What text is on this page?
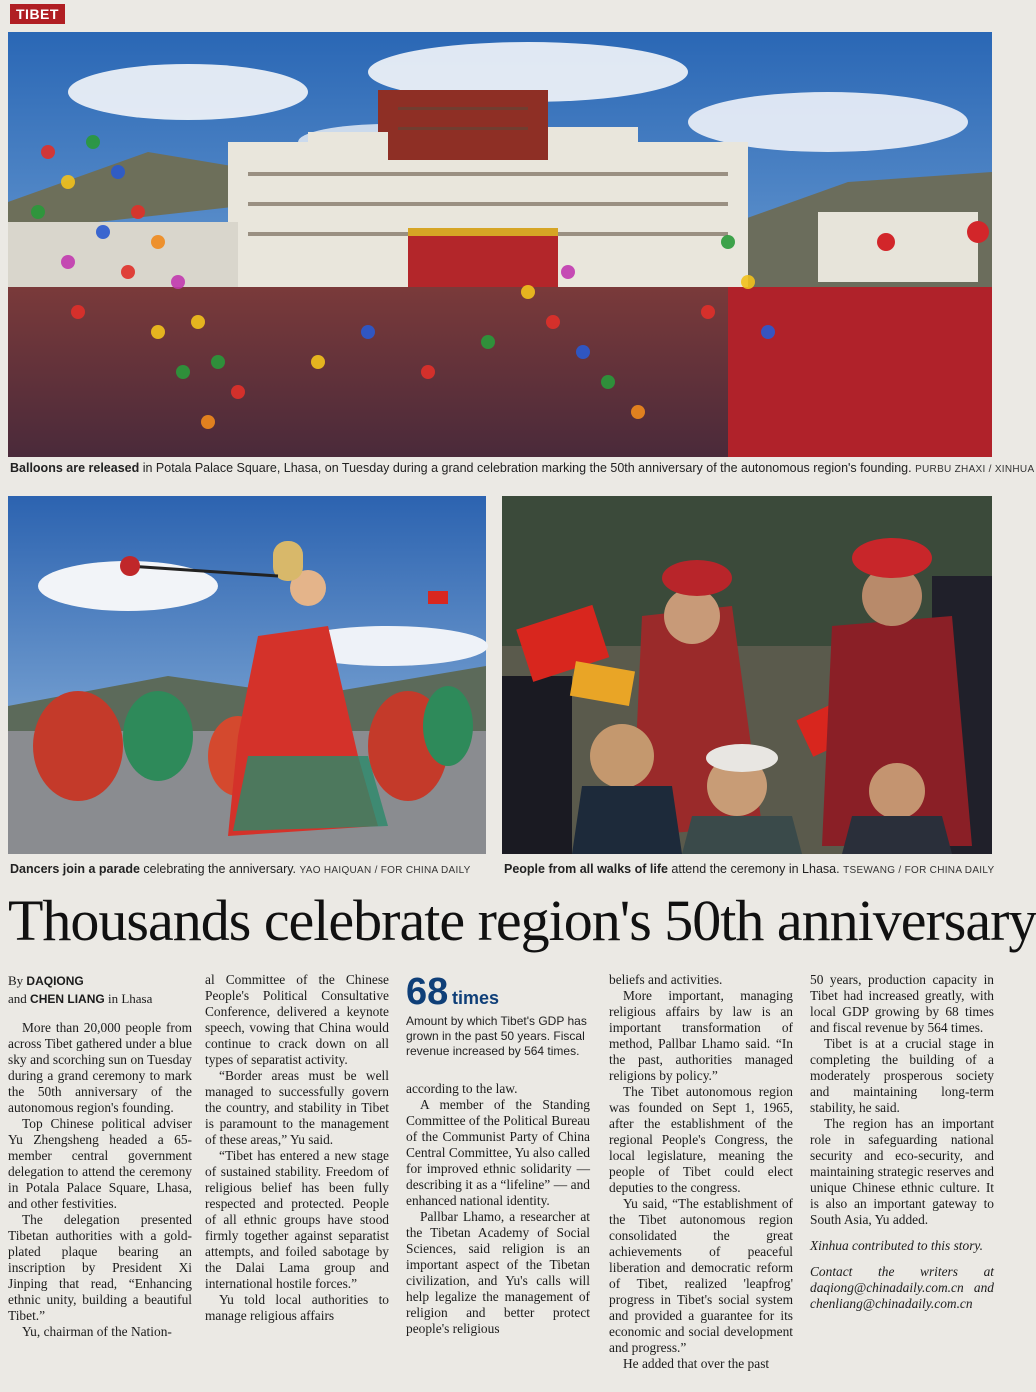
TIBET
Balloons are released in Potala Palace Square, Lhasa, on Tuesday during a grand celebration marking the 50th anniversary of the autonomous region's founding. PURBU ZHAXI / XINHUA
Dancers join a parade celebrating the anniversary. YAO HAIQUAN / FOR CHINA DAILY	People from all walks of life attend the ceremony in Lhasa. TSEWANG / FOR CHINA DAILY
Thousands celebrate region's 50th anniversary
By DAQIONG
and CHEN LIANG in Lhasa

More than 20,000 people from across Tibet gathered under a blue sky and scorching sun on Tuesday during a grand ceremony to mark the 50th anniversary of the autonomous region's founding.

Top Chinese political adviser Yu Zhengsheng headed a 65-member central government delegation to attend the ceremony in Potala Palace Square, Lhasa, and other festivities.

The delegation presented Tibetan authorities with a gold-plated plaque bearing an inscription by President Xi Jinping that read, “Enhancing ethnic unity, building a beautiful Tibet.”

Yu, chairman of the Nation-

al Committee of the Chinese People's Political Consultative Conference, delivered a keynote speech, vowing that China would continue to crack down on all types of separatist activity.

“Border areas must be well managed to successfully govern the country, and stability in Tibet is paramount to the management of these areas,” Yu said.

“Tibet has entered a new stage of sustained stability. Freedom of religious belief has been fully respected and protected. People of all ethnic groups have stood firmly together against separatist attempts, and foiled sabotage by the Dalai Lama group and international hostile forces.”

Yu told local authorities to manage religious affairs

68 times
Amount by which Tibet's GDP has grown in the past 50 years. Fiscal revenue increased by 564 times.

according to the law.

A member of the Standing Committee of the Political Bureau of the Communist Party of China Central Committee, Yu also called for improved ethnic solidarity — describing it as a “lifeline” — and enhanced national identity.

Pallbar Lhamo, a researcher at the Tibetan Academy of Social Sciences, said religion is an important aspect of the Tibetan civilization, and Yu's calls will help legalize the management of religion and better protect people's religious

beliefs and activities.

More important, managing religious affairs by law is an important transformation of method, Pallbar Lhamo said. “In the past, authorities managed religions by policy.”

The Tibet autonomous region was founded on Sept 1, 1965, after the establishment of the regional People's Congress, the local legislature, meaning the people of Tibet could elect deputies to the congress.

Yu said, “The establishment of the Tibet autonomous region consolidated the great achievements of peaceful liberation and democratic reform of Tibet, realized 'leapfrog' progress in Tibet's social system and provided a guarantee for its economic and social development and progress.”

He added that over the past

50 years, production capacity in Tibet had increased greatly, with local GDP growing by 68 times and fiscal revenue by 564 times.

Tibet is at a crucial stage in completing the building of a moderately prosperous society and maintaining long-term stability, he said.

The region has an important role in safeguarding national security and eco-security, and maintaining strategic reserves and unique Chinese ethnic culture. It is also an important gateway to South Asia, Yu added.

Xinhua contributed to this story.

Contact the writers at daqiong@chinadaily.com.cn and chenliang@chinadaily.com.cn
